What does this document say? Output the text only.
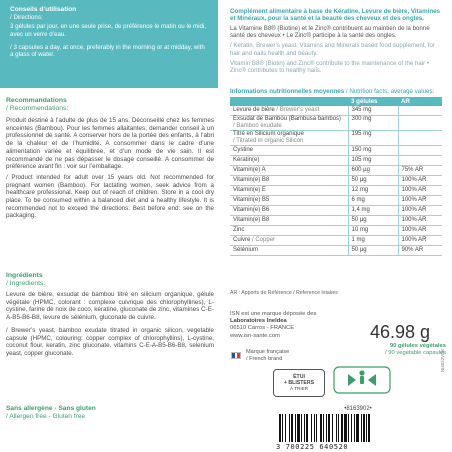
Conseils d’utilisation
/ Directions:
3 gélules par jour, en une seule prise, de préférence le matin ou le midi, avec un verre d’eau.
/ 3 capsules a day, at once, preferably in the morning or at midday, with a glass of water.
Recommandations
/ Recommendations:
Produit destiné à l’adulte de plus de 15 ans. Déconseillé chez les femmes enceintes (Bambou). Pour les femmes allaitantes, demander conseil à un professionnel de santé. A conserver hors de la portée des enfants, à l’abri de la chaleur et de l’humidité. A consommer dans le cadre d’une alimentation variée et équilibrée, et d’un mode de vie sain. Il est recommandé de ne pas dépasser le dosage conseillé. A consommer de préférence avant fin : voir sur l’emballage.
/ Product intended for adult over 15 years old. Not recommended for pregnant women (Bamboo). For lactating women, seek advice from a healthcare professional. Keep out of reach of children. Store in a cool dry place. To be consumed within a balanced diet and a healthy lifestyle. It is recommended not to exceed the directions. Best before end: see on the packaging.
Ingrédients
/ Ingredients:
Levure de bière, exsudat de bambou titré en silicium organique, gélule végétale (HPMC, colorant : complexe cuivrique des chlorophyllines), L-cystine, farine de noix de coco, kératine, gluconate de zinc, vitamines C-E-A-B5-B6-B8, levure de sélénium, gluconate de cuivre.
/ Brewer’s yeast, bamboo exudate titrated in organic silicon, vegetable capsule (HPMC, colouring: copper complex of chlorophyllins), L-cystine, coconut flour, keratin, zinc gluconate, vitamins C-E-A-B5-B6-B8, selenium yeast, copper gluconate.
Sans allergène - Sans gluten
/ Allergen free - Gluten free
Complément alimentaire à base de Kératine, Levure de bière, Vitamines et Minéraux, pour la santé et la beauté des cheveux et des ongles.
La Vitamine B8® (Biotine) et le Zinc® contribuent au maintien de la bonne santé des cheveux • Le Zinc® participe à la santé des ongles.
/ Keratin, Brewer’s yeast, Vitamins and Minerals based food supplement, for hair and nails health and beauty.
Vitamin B8® (Biotin) and Zinc® contribute to the maintenance of the hair • Zinc® contributes to healthy nails.
Informations nutritionnelles moyennes / Nutrition facts, average values:
	3 gélules	AR
Levure de bière / Brewer’s yeast	345 mg	
Exsudat de Bambou (Bambusa bambos)
/ Bamboo exudate	300 mg	
Titré en Silicium organique
/ Titrated in organic Silicon	195 mg	
Cystine	150 mg	
Kératin(e)	105 mg	
Vitamin(e) A	600 µg	75% AR
Vitamin(e) B8	50 µg	100% AR
Vitamin(e) E	12 mg	100% AR
Vitamin(e) B5	6 mg	100% AR
Vitamin(e) B6	1,4 mg	100% AR
Vitamin(e) B8	50 µg	100% AR
Zinc	10 mg	100% AR
Cuivre / Copper	1 mg	100% AR
Sélénium	50 µg	90% AR
AR : Apports de Référence / Reference intakes
ISN est une marque déposée des
Laboratoires Ineldea
06510 Carros - FRANCE
www.isn-sante.com
Marque française
/ French brand
46.98 g
90 gélules végétales
/ 90 vegetable capsules
ÉTUI
+ BLISTERS
À TRIER
NI4022VDE
•8163902•
3 700225 640520
